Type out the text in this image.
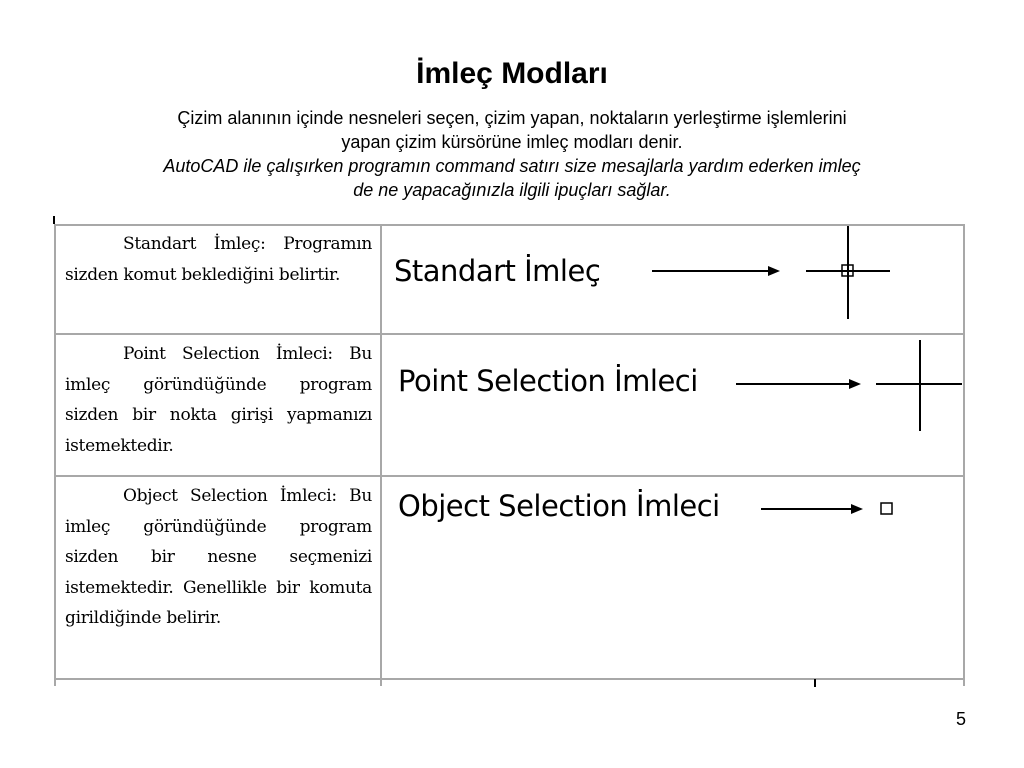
İmleç Modları
Çizim alanının içinde nesneleri seçen, çizim yapan, noktaların yerleştirme işlemlerini
yapan çizim kürsörüne imleç modları denir.
AutoCAD ile çalışırken programın command satırı size mesajlarla yardım ederken imleç
de ne yapacağınızla ilgili ipuçları sağlar.
Standart İmleç: Programın sizden komut beklediğini belirtir.	Standart İmleç
Point Selection İmleci: Bu imleç göründüğünde program sizden bir nokta girişi yapmanızı istemektedir.
Point Selection İmleci
Object Selection İmleci: Bu imleç göründüğünde program sizden bir nesne seçmenizi istemektedir. Genellikle bir komuta girildiğinde belirir.
Object Selection İmleci
5
